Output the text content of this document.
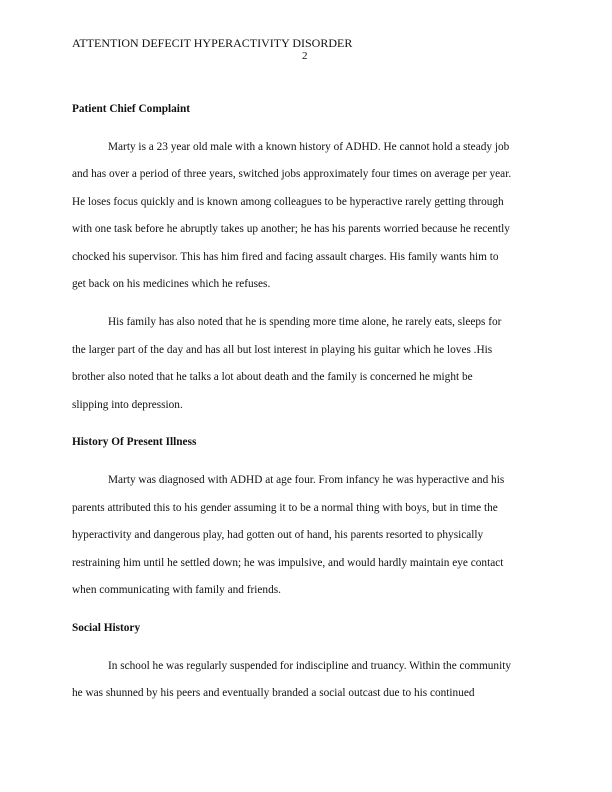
ATTENTION DEFECIT HYPERACTIVITY DISORDER
2
Patient Chief Complaint
Marty is a 23 year old male with a known history of ADHD. He cannot hold a steady job
and has over a period of three years, switched jobs approximately four times on average per year.
He loses focus quickly and is known among colleagues to be hyperactive rarely getting through
with one task before he abruptly takes up another; he has his parents worried because he recently
chocked his supervisor. This has him fired and facing assault charges. His family wants him to
get back on his medicines which he refuses.
His family has also noted that he is spending more time alone, he rarely eats, sleeps for
the larger part of the day and has all but lost interest in playing his guitar which he loves .His
brother also noted that he talks a lot about death and the family is concerned he might be
slipping into depression.
History Of Present Illness
Marty was diagnosed with ADHD at age four. From infancy he was hyperactive and his
parents attributed this to his gender assuming it to be a normal thing with boys, but in time the
hyperactivity and dangerous play, had gotten out of hand, his parents resorted to physically
restraining him until he settled down; he was impulsive, and would hardly maintain eye contact
when communicating with family and friends.
Social History
In school he was regularly suspended for indiscipline and truancy. Within the community
he was shunned by his peers and eventually branded a social outcast due to his continued
